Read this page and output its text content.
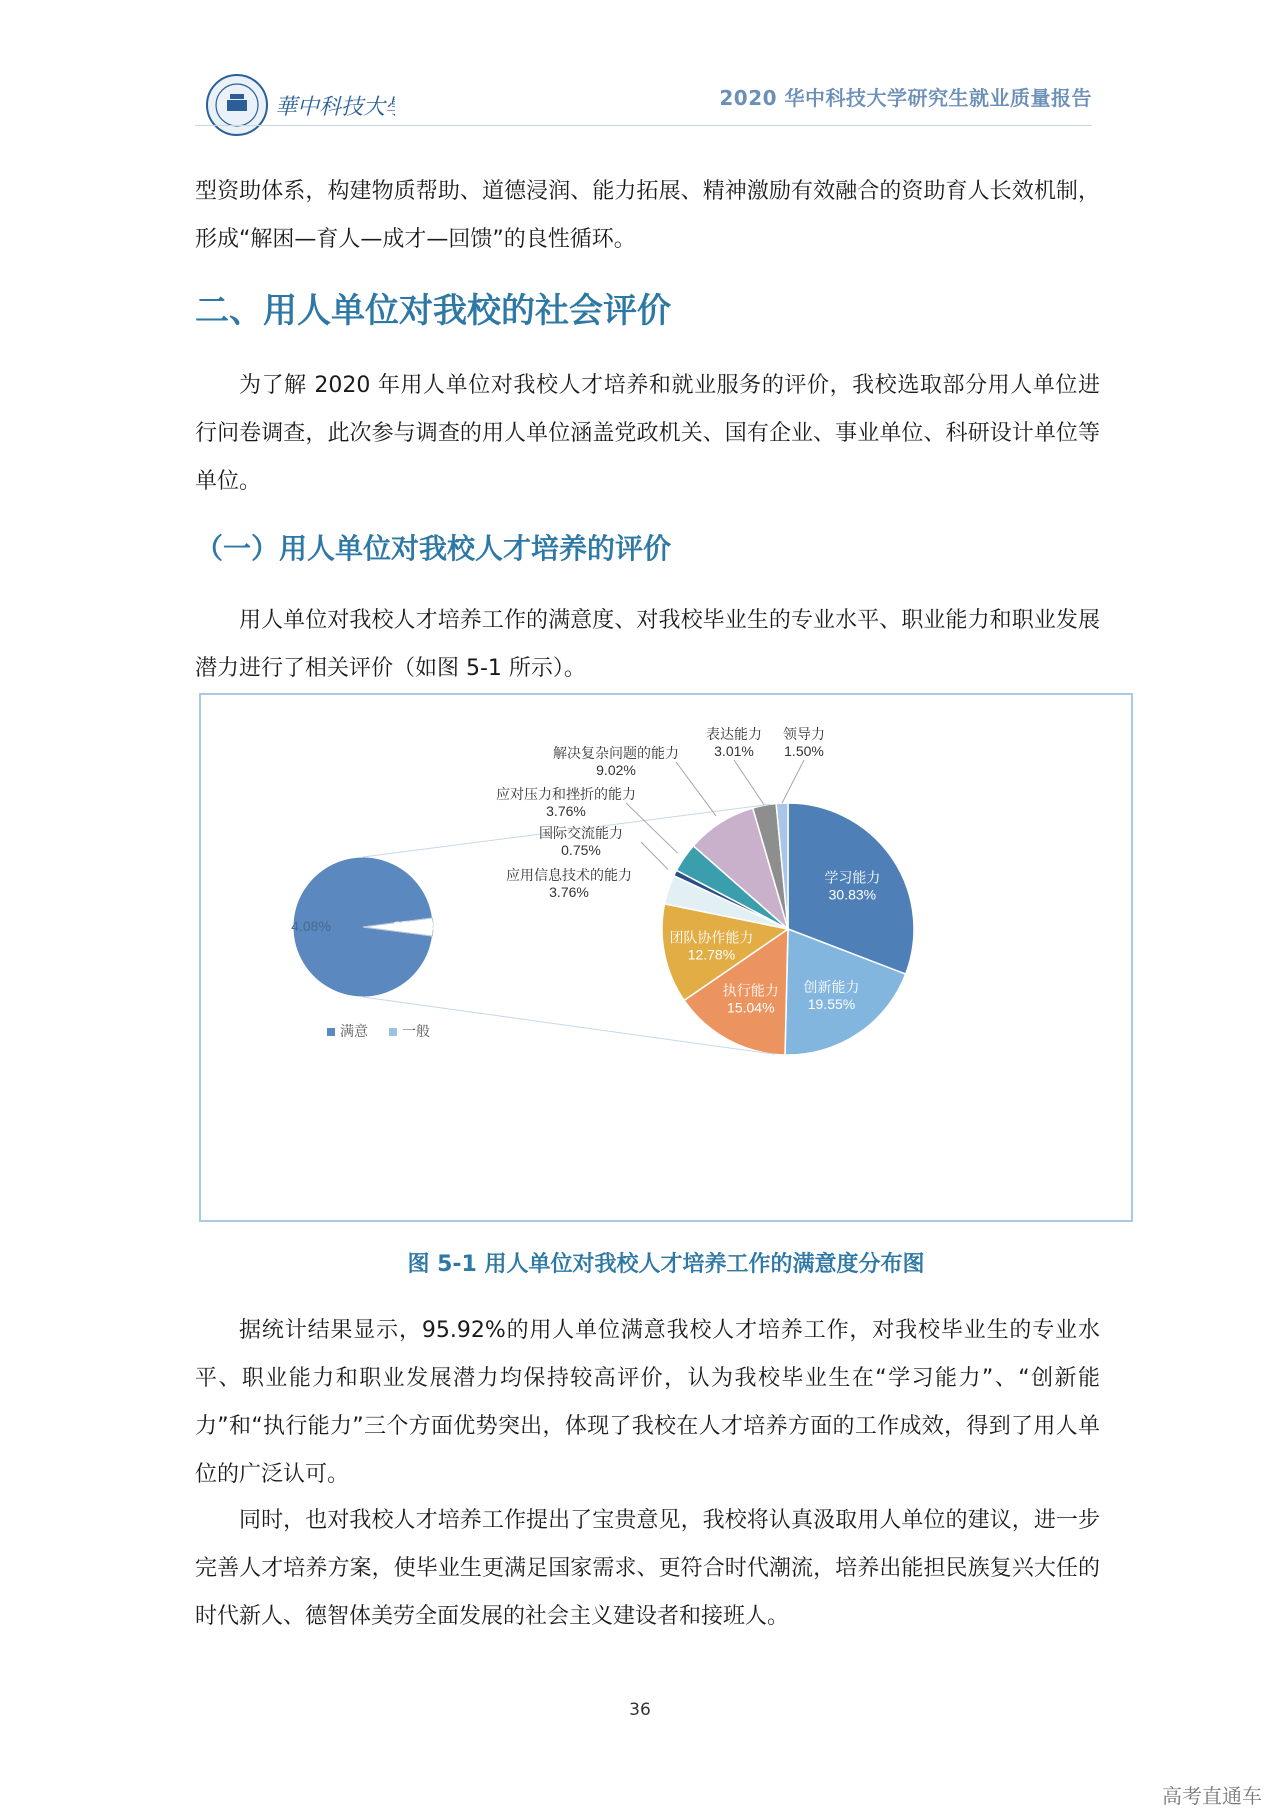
華中科技大學	2020 华中科技大学研究生就业质量报告

型资助体系，构建物质帮助、道德浸润、能力拓展、精神激励有效融合的资助育人长效机制，形成“解困—育人—成才—回馈”的良性循环。

二、用人单位对我校的社会评价

为了解 2020 年用人单位对我校人才培养和就业服务的评价，我校选取部分用人单位进行问卷调查，此次参与调查的用人单位涵盖党政机关、国有企业、事业单位、科研设计单位等单位。

（一）用人单位对我校人才培养的评价

用人单位对我校人才培养工作的满意度、对我校毕业生的专业水平、职业能力和职业发展潜力进行了相关评价（如图 5-1 所示）。

4.08%	95.92%
满意 一般
学习能力
30.83%
创新能力
19.55%
执行能力
15.04%
团队协作能力
12.78%
应用信息技术的能力
3.76%
国际交流能力
0.75%
应对压力和挫折的能力
3.76%
解决复杂问题的能力
9.02%
表达能力
3.01%
领导力
1.50%

图 5-1 用人单位对我校人才培养工作的满意度分布图

据统计结果显示，95.92%的用人单位满意我校人才培养工作，对我校毕业生的专业水平、职业能力和职业发展潜力均保持较高评价，认为我校毕业生在“学习能力”、“创新能力”和“执行能力”三个方面优势突出，体现了我校在人才培养方面的工作成效，得到了用人单位的广泛认可。

同时，也对我校人才培养工作提出了宝贵意见，我校将认真汲取用人单位的建议，进一步完善人才培养方案，使毕业生更满足国家需求、更符合时代潮流，培养出能担民族复兴大任的时代新人、德智体美劳全面发展的社会主义建设者和接班人。

36
高考直通车
